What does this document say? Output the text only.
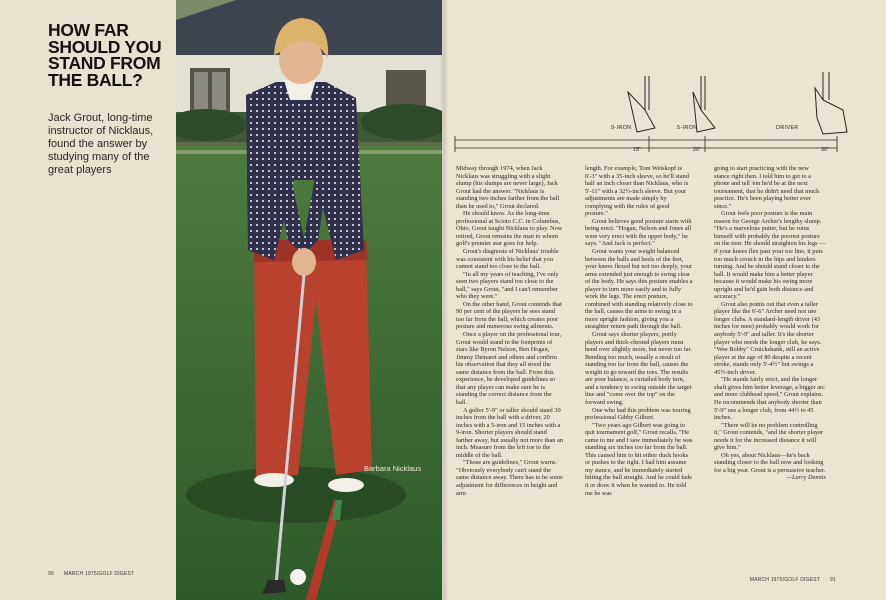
HOW FAR SHOULD YOU STAND FROM THE BALL?

Jack Grout, long-time instructor of Nicklaus, found the answer by studying many of the great players

Barbara Nicklaus
9-IRON	5-IRON	DRIVER
15"	20"	30"

Midway through 1974, when Jack Nicklaus was struggling with a slight slump (his slumps are never large), Jack Grout had the answer. "Nicklaus is standing two inches farther from the ball than he used to," Grout declared.

He should know. As the long-time professional at Scioto C.C. in Columbus, Ohio, Grout taught Nicklaus to play. Now retired, Grout remains the man to whom golf's premier star goes for help.

Grout's diagnosis of Nicklaus' trouble was consistent with his belief that you cannot stand too close to the ball.

"In all my years of teaching, I've only seen two players stand too close to the ball," says Grout, "and I can't remember who they were."

On the other hand, Grout contends that 90 per cent of the players he sees stand too far from the ball, which creates poor posture and numerous swing ailments.

Once a player on the professional tour, Grout would stand in the footprints of stars like Byron Nelson, Ben Hogan, Jimmy Demaret and others and confirm his observation that they all stood the same distance from the ball. From this experience, he developed guidelines so that any player can make sure he is standing the correct distance from the ball.

A golfer 5'-9" or taller should stand 30 inches from the ball with a driver, 20 inches with a 5-iron and 15 inches with a 9-iron. Shorter players should stand farther away, but usually not more than an inch. Measure from the left toe to the middle of the ball.

"Those are guidelines," Grout warns. "Obviously everybody can't stand the same distance away. There has to be some adjustment for differences in height and arm

length. For example, Tom Weiskopf is 6'-3" with a 35-inch sleeve, so he'll stand half an inch closer than Nicklaus, who is 5'-11" with a 32½-inch sleeve. But your adjustments are made simply by complying with the rules of good posture."

Grout believes good posture starts with being erect. "Hogan, Nelson and Jones all were very erect with the upper body," he says. "And Jack is perfect."

Grout wants your weight balanced between the balls and heels of the feet, your knees flexed but not too deeply, your arms extended just enough to swing clear of the body. He says this posture enables a player to turn more easily and to fully work the legs. The erect posture, combined with standing relatively close to the ball, causes the arms to swing in a more upright fashion, giving you a straighter return path through the ball.

Grout says shorter players, portly players and thick-chested players must bend over slightly more, but never too far. Bending too much, usually a result of standing too far from the ball, causes the weight to go toward the toes. The results are poor balance, a curtailed body turn, and a tendency to swing outside the target line and "come over the top" on the forward swing.

One who had this problem was touring professional Gibby Gilbert.

"Two years ago Gilbert was going to quit tournament golf," Grout recalls. "He came to me and I saw immediately he was standing six inches too far from the ball. This caused him to hit either duck hooks or pushes to the right. I had him assume my stance, and he immediately started hitting the ball straight. And he could fade it or draw it when he wanted to. He told me he was

going to start practicing with the new stance right then. I told him to get to a phone and tell 'em he'd be at the next tournament, that he didn't need that much practice. He's been playing better ever since."

Grout feels poor posture is the main reason for George Archer's lengthy slump. "He's a marvelous putter, but he ruins himself with probably the poorest posture on the tour. He should straighten his legs —if your knees flex past your toe line, it puts too much crouch in the hips and hinders turning. And he should stand closer to the ball. It would make him a better player because it would make his swing more upright and he'd gain both distance and accuracy."

Grout also points out that even a taller player like the 6'-6" Archer need not use longer clubs. A standard-length driver (43 inches for men) probably would work for anybody 5'-9" and taller. It's the shorter player who needs the longer club, he says. "Wee Bobby" Cruickshank, still an active player at the age of 80 despite a recent stroke, stands only 5'-4½" but swings a 45½-inch driver.

"He stands fairly erect, and the longer shaft gives him better leverage, a bigger arc and more clubhead speed," Grout explains. He recommends that anybody shorter than 5'-9" use a longer club, from 44½ to 45 inches.

"There will be no problem controlling it," Grout contends, "and the shorter player needs it for the increased distance it will give him."

Oh yes, about Nicklaus—he's back standing closer to the ball now and looking for a big year. Grout is a persuasive teacher.

—Larry Dennis

90 MARCH 1975/GOLF DIGEST
MARCH 1975/GOLF DIGEST 91
